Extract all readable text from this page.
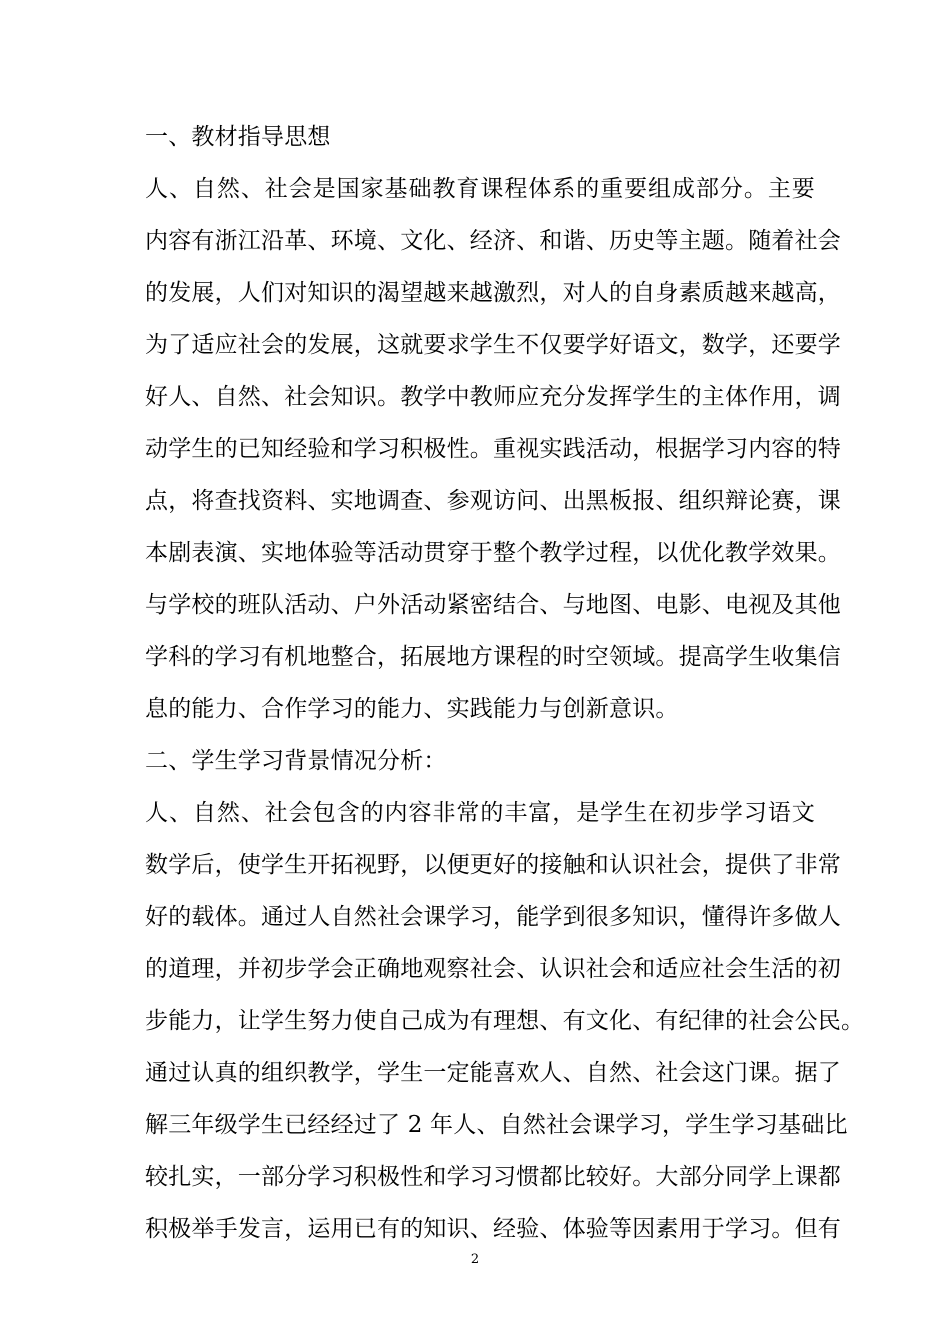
一、教材指导思想
人、自然、社会是国家基础教育课程体系的重要组成部分。主要
内容有浙江沿革、环境、文化、经济、和谐、历史等主题。随着社会
的发展，人们对知识的渴望越来越激烈，对人的自身素质越来越高，
为了适应社会的发展，这就要求学生不仅要学好语文，数学，还要学
好人、自然、社会知识。教学中教师应充分发挥学生的主体作用，调
动学生的已知经验和学习积极性。重视实践活动，根据学习内容的特
点，将查找资料、实地调查、参观访问、出黑板报、组织辩论赛，课
本剧表演、实地体验等活动贯穿于整个教学过程，以优化教学效果。
与学校的班队活动、户外活动紧密结合、与地图、电影、电视及其他
学科的学习有机地整合，拓展地方课程的时空领域。提高学生收集信
息的能力、合作学习的能力、实践能力与创新意识。
二、学生学习背景情况分析：
人、自然、社会包含的内容非常的丰富，是学生在初步学习语文
数学后，使学生开拓视野，以便更好的接触和认识社会，提供了非常
好的载体。通过人自然社会课学习，能学到很多知识，懂得许多做人
的道理，并初步学会正确地观察社会、认识社会和适应社会生活的初
步能力，让学生努力使自己成为有理想、有文化、有纪律的社会公民。
通过认真的组织教学，学生一定能喜欢人、自然、社会这门课。据了
解三年级学生已经经过了 2 年人、自然社会课学习，学生学习基础比
较扎实，一部分学习积极性和学习习惯都比较好。大部分同学上课都
积极举手发言，运用已有的知识、经验、体验等因素用于学习。但有
2
